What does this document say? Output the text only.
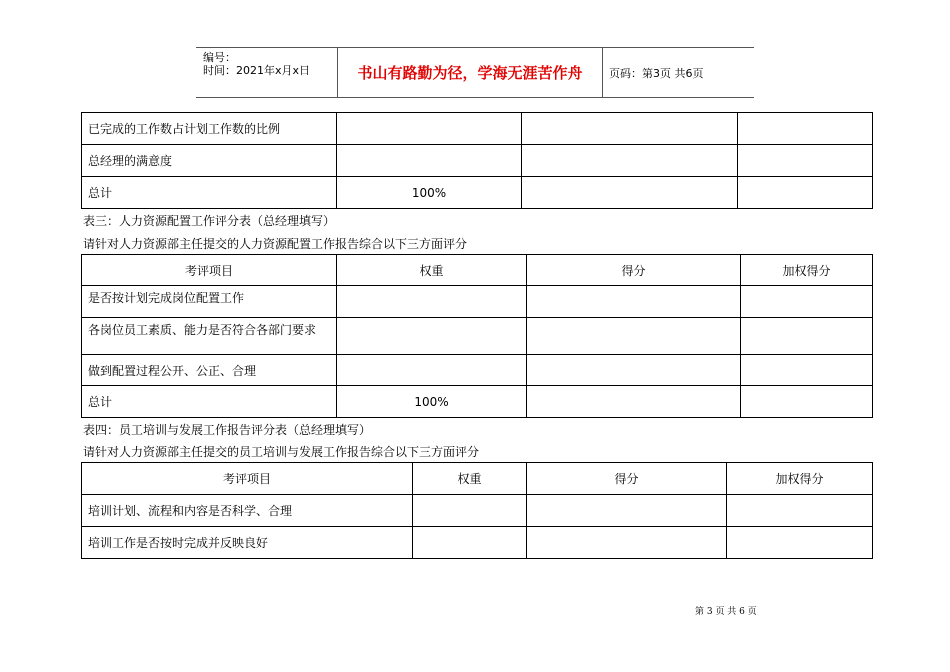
编号：
时间：2021年x月x日	书山有路勤为径，学海无涯苦作舟	页码：第3页 共6页
已完成的工作数占计划工作数的比例			
总经理的满意度			
总计	100%		
表三：人力资源配置工作评分表（总经理填写）
请针对人力资源部主任提交的人力资源配置工作报告综合以下三方面评分
考评项目	权重	得分	加权得分
是否按计划完成岗位配置工作			
各岗位员工素质、能力是否符合各部门要求			
做到配置过程公开、公正、合理			
总计	100%		
表四：员工培训与发展工作报告评分表（总经理填写）
请针对人力资源部主任提交的员工培训与发展工作报告综合以下三方面评分
考评项目	权重	得分	加权得分
培训计划、流程和内容是否科学、合理			
培训工作是否按时完成并反映良好			
第 3 页 共 6 页
